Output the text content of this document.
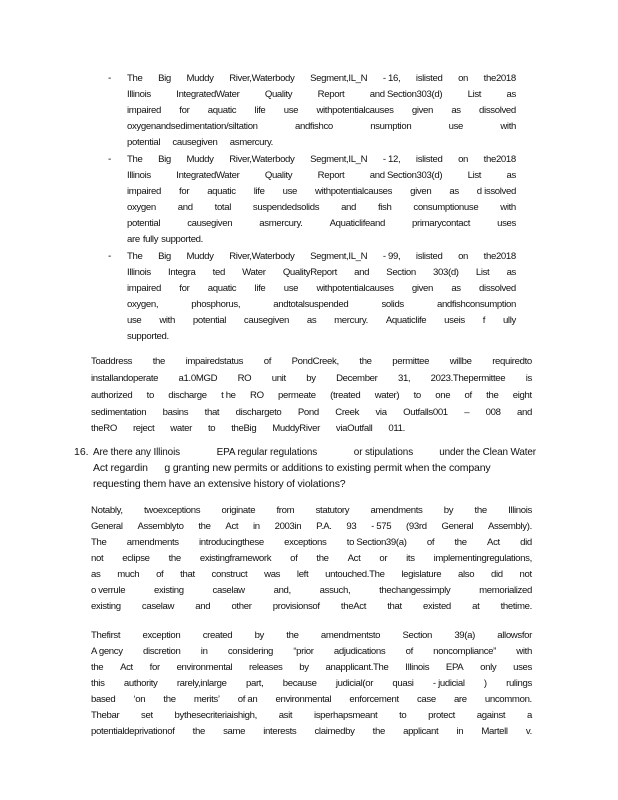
- The Big Muddy River,Waterbody Segment,IL_N - 16, islisted on the2018
Illinois	IntegratedWater	Quality	Report	and Section303(d)	List	as
impaired for aquatic life use withpotentialcauses given as dissolved
oxygenandsedimentation/siltation	andfishco	nsumption	use	with
potential causegiven asmercury.
- The Big Muddy River,Waterbody Segment,IL_N - 12, islisted on the2018
Illinois	IntegratedWater	Quality	Report	and Section303(d)	List	as
impaired for aquatic life use withpotentialcauses given as d issolved
oxygen and total suspendedsolids and fish consumptionuse with
potential	causegiven	asmercury.	Aquaticlifeand	primarycontact	uses
are fully supported.
- The Big Muddy River,Waterbody Segment,IL_N - 99, islisted on the2018
Illinois Integra ted Water QualityReport and Section 303(d) List as
impaired for aquatic life use withpotentialcauses given as dissolved
oxygen,	phosphorus,	andtotalsuspended	solids	andfishconsumption
use with potential causegiven as mercury. Aquaticlife useis f ully
supported.
Toaddress the impairedstatus of PondCreek, the permittee willbe requiredto
installandoperate a1.0MGD RO unit by December 31, 2023.Thepermittee is
authorized to discharge t he RO permeate (treated water) to one of the eight
sedimentation basins that dischargeto Pond Creek via Outfalls001 – 008 and
theRO reject water to theBig MuddyRiver viaOutfall 011.
16. Are there any Illinois              EPA regular regulations              or stipulations          under the Clean Water
Act regardin      g granting new permits or additions to existing permit when the company
requesting them have an extensive history of violations?
Notably, twoexceptions originate from statutory amendments by the Illinois
General Assemblyto the Act in 2003in P.A. 93 - 575 (93rd General Assembly).
The amendments introducingthese exceptions to Section39(a) of the Act did
not eclipse the existingframework of the Act or its implementingregulations,
as much of that construct was left untouched.The legislature also did not
o verrule	existing	caselaw	and,	assuch,	thechangessimply	memorialized
existing caselaw and other provisionsof theAct that existed at thetime.
Thefirst exception created by the amendmentsto Section 39(a) allowsfor
A gency discretion in considering “prior adjudications of noncompliance” with
the Act for environmental releases by anapplicant.The Illinois EPA only uses
this authority rarely,inlarge part, because judicial(or quasi - judicial ) rulings
based ‘on the merits’ of an environmental enforcement case are uncommon.
Thebar set bythesecriteriaishigh, asit isperhapsmeant to protect against a
potentialdeprivationof the same interests claimedby the applicant in Martell v.
